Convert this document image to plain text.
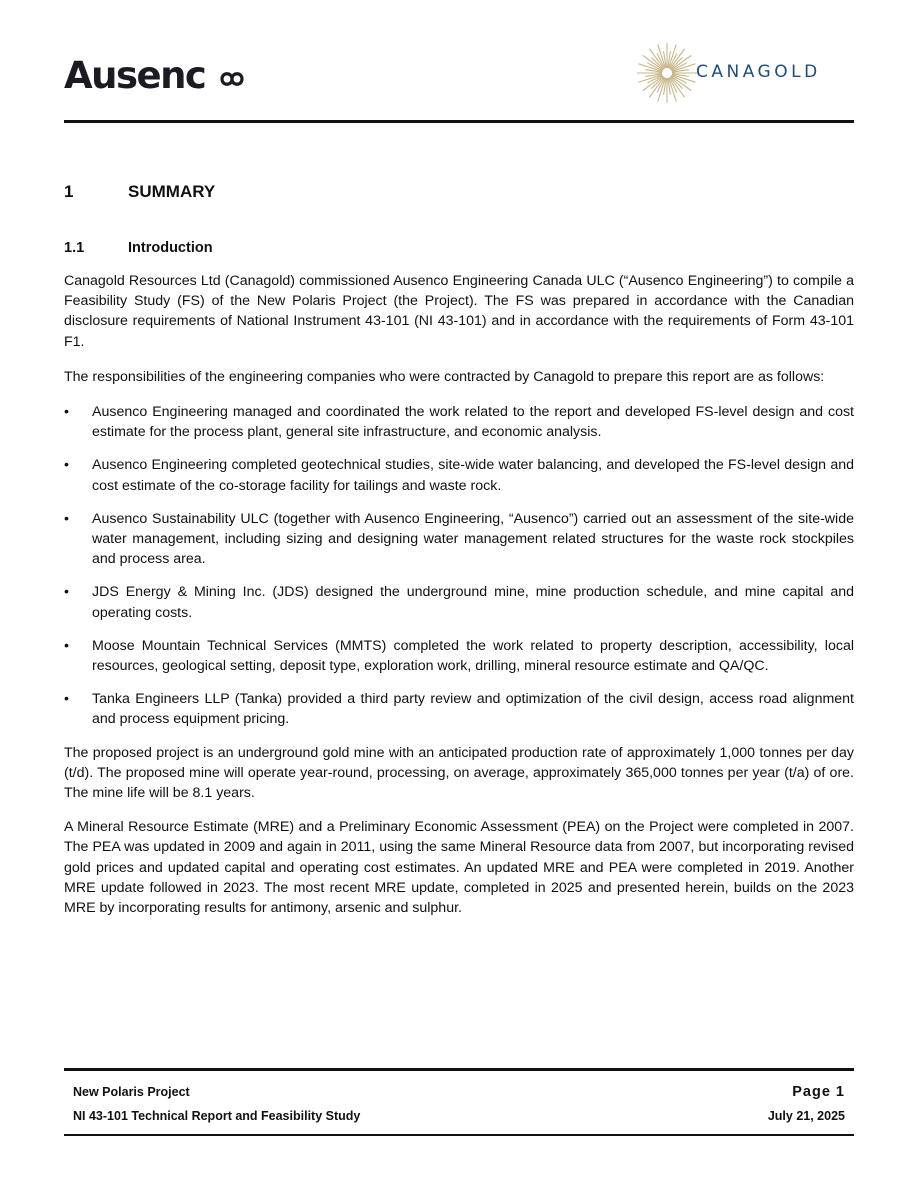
Ausenc	CANAGOLD
1	SUMMARY
1.1	Introduction

Canagold Resources Ltd (Canagold) commissioned Ausenco Engineering Canada ULC (“Ausenco Engineering”) to compile a Feasibility Study (FS) of the New Polaris Project (the Project). The FS was prepared in accordance with the Canadian disclosure requirements of National Instrument 43-101 (NI 43-101) and in accordance with the requirements of Form 43-101 F1.

The responsibilities of the engineering companies who were contracted by Canagold to prepare this report are as follows:

• Ausenco Engineering managed and coordinated the work related to the report and developed FS-level design and cost estimate for the process plant, general site infrastructure, and economic analysis.
• Ausenco Engineering completed geotechnical studies, site-wide water balancing, and developed the FS-level design and cost estimate of the co-storage facility for tailings and waste rock.
• Ausenco Sustainability ULC (together with Ausenco Engineering, “Ausenco”) carried out an assessment of the site-wide water management, including sizing and designing water management related structures for the waste rock stockpiles and process area.
• JDS Energy & Mining Inc. (JDS) designed the underground mine, mine production schedule, and mine capital and operating costs.
• Moose Mountain Technical Services (MMTS) completed the work related to property description, accessibility, local resources, geological setting, deposit type, exploration work, drilling, mineral resource estimate and QA/QC.
• Tanka Engineers LLP (Tanka) provided a third party review and optimization of the civil design, access road alignment and process equipment pricing.

The proposed project is an underground gold mine with an anticipated production rate of approximately 1,000 tonnes per day (t/d). The proposed mine will operate year-round, processing, on average, approximately 365,000 tonnes per year (t/a) of ore. The mine life will be 8.1 years.

A Mineral Resource Estimate (MRE) and a Preliminary Economic Assessment (PEA) on the Project were completed in 2007. The PEA was updated in 2009 and again in 2011, using the same Mineral Resource data from 2007, but incorporating revised gold prices and updated capital and operating cost estimates. An updated MRE and PEA were completed in 2019. Another MRE update followed in 2023. The most recent MRE update, completed in 2025 and presented herein, builds on the 2023 MRE by incorporating results for antimony, arsenic and sulphur.

New Polaris Project
NI 43-101 Technical Report and Feasibility Study
Page 1
July 21, 2025
